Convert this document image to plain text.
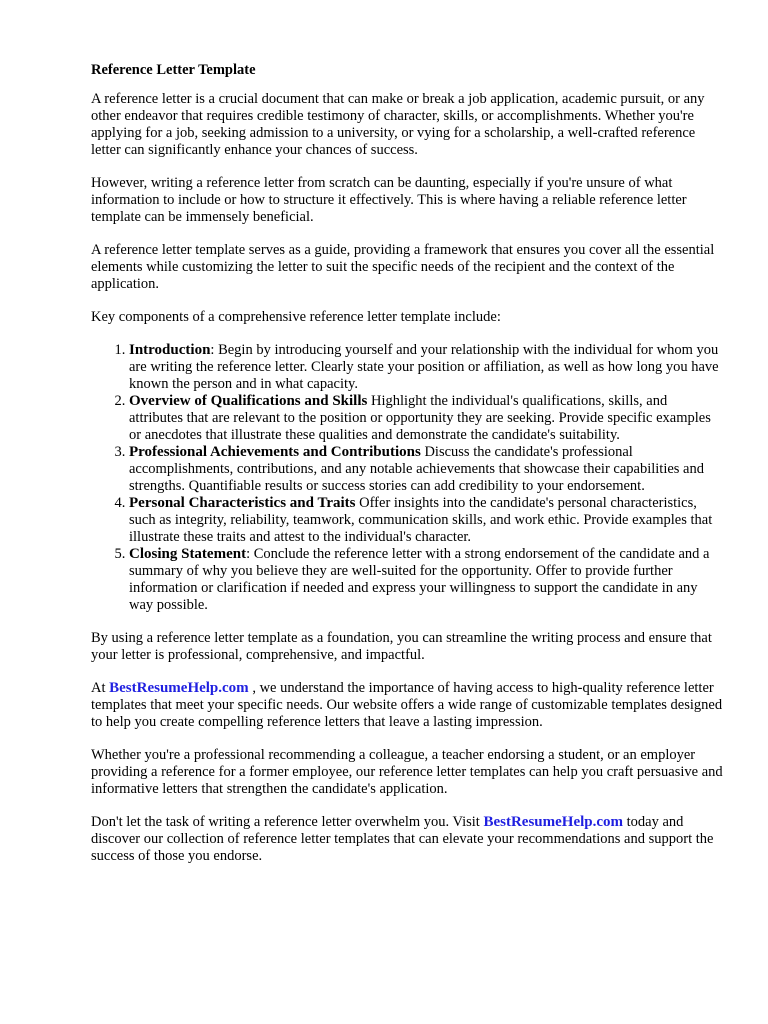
Reference Letter Template

A reference letter is a crucial document that can make or break a job application, academic pursuit, or any other endeavor that requires credible testimony of character, skills, or accomplishments. Whether you're applying for a job, seeking admission to a university, or vying for a scholarship, a well-crafted reference letter can significantly enhance your chances of success.

However, writing a reference letter from scratch can be daunting, especially if you're unsure of what information to include or how to structure it effectively. This is where having a reliable reference letter template can be immensely beneficial.

A reference letter template serves as a guide, providing a framework that ensures you cover all the essential elements while customizing the letter to suit the specific needs of the recipient and the context of the application.

Key components of a comprehensive reference letter template include:

1. Introduction: Begin by introducing yourself and your relationship with the individual for whom you are writing the reference letter. Clearly state your position or affiliation, as well as how long you have known the person and in what capacity.
2. Overview of Qualifications and Skills Highlight the individual's qualifications, skills, and attributes that are relevant to the position or opportunity they are seeking. Provide specific examples or anecdotes that illustrate these qualities and demonstrate the candidate's suitability.
3. Professional Achievements and Contributions Discuss the candidate's professional accomplishments, contributions, and any notable achievements that showcase their capabilities and strengths. Quantifiable results or success stories can add credibility to your endorsement.
4. Personal Characteristics and Traits Offer insights into the candidate's personal characteristics, such as integrity, reliability, teamwork, communication skills, and work ethic. Provide examples that illustrate these traits and attest to the individual's character.
5. Closing Statement: Conclude the reference letter with a strong endorsement of the candidate and a summary of why you believe they are well-suited for the opportunity. Offer to provide further information or clarification if needed and express your willingness to support the candidate in any way possible.

By using a reference letter template as a foundation, you can streamline the writing process and ensure that your letter is professional, comprehensive, and impactful.

At BestResumeHelp.com , we understand the importance of having access to high-quality reference letter templates that meet your specific needs. Our website offers a wide range of customizable templates designed to help you create compelling reference letters that leave a lasting impression.

Whether you're a professional recommending a colleague, a teacher endorsing a student, or an employer providing a reference for a former employee, our reference letter templates can help you craft persuasive and informative letters that strengthen the candidate's application.

Don't let the task of writing a reference letter overwhelm you. Visit BestResumeHelp.com today and discover our collection of reference letter templates that can elevate your recommendations and support the success of those you endorse.
